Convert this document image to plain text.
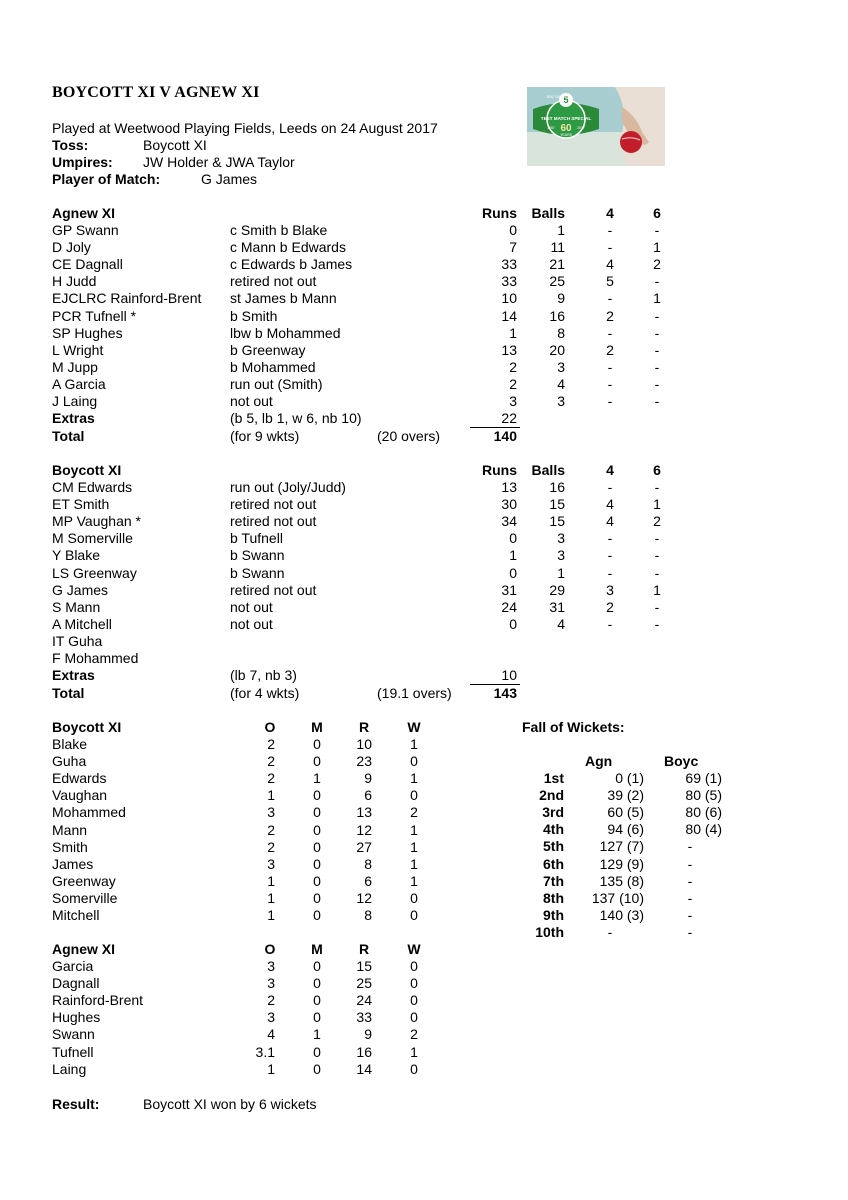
BOYCOTT XI V AGNEW XI	5
TEST MATCH SPECIAL
60
YEARS
1957	2017
BBC RADIO
Played at Weetwood Playing Fields, Leeds on 24 August 2017
Toss:	Boycott XI
Umpires: JW Holder & JWA Taylor
Player of Match:	G James
Agnew XI	Runs	Balls	4	6
GP Swann	c Smith b Blake	0	1	-	-
D Joly	c Mann b Edwards	7	11	-	1
CE Dagnall	c Edwards b James	33	21	4	2
H Judd	retired not out	33	25	5	-
EJCLRC Rainford-Brent st James b Mann	10	9	-	1
PCR Tufnell *	b Smith	14	16	2	-
SP Hughes	lbw b Mohammed	1	8	-	-
L Wright	b Greenway	13	20	2	-
M Jupp	b Mohammed	2	3	-	-
A Garcia	run out (Smith)	2	4	-	-
J Laing	not out	3	3	-	-
Extras	(b 5, lb 1, w 6, nb 10)	22
Total	(for 9 wkts)	(20 overs)	140
Boycott XI	Runs	Balls	4	6
CM Edwards	run out (Joly/Judd)	13	16	-	-
ET Smith	retired not out	30	15	4	1
MP Vaughan *	retired not out	34	15	4	2
M Somerville	b Tufnell	0	3	-	-
Y Blake	b Swann	1	3	-	-
LS Greenway	b Swann	0	1	-	-
G James	retired not out	31	29	3	1
S Mann	not out	24	31	2	-
A Mitchell	not out	0	4	-	-
IT Guha
F Mohammed
Extras	(lb 7, nb 3)	10
Total	(for 4 wkts)	(19.1 overs)	143
Boycott XI	O	M	R	W
Blake	2	0	10	1
Guha	2	0	23	0
Edwards	2	1	9	1
Vaughan	1	0	6	0
Mohammed	3	0	13	2
Mann	2	0	12	1
Smith	2	0	27	1
James	3	0	8	1
Greenway	1	0	6	1
Somerville	1	0	12	0
Mitchell	1	0	8	0
Agnew XI	O	M	R	W
Garcia	3	0	15	0
Dagnall	3	0	25	0
Rainford-Brent	2	0	24	0
Hughes	3	0	33	0
Swann	4	1	9	2
Tufnell	3.1	0	16	1
Laing	1	0	14	0
Fall of Wickets:
Agn	Boyc
1st	0 (1)	69 (1)
2nd	39 (2)	80 (5)
3rd	60 (5)	80 (6)
4th	94 (6)	80 (4)
5th	127 (7)	-
6th	129 (9)	-
7th	135 (8)	-
8th	137 (10)	-
9th	140 (3)	-
10th	-	-
Result:	Boycott XI won by 6 wickets
